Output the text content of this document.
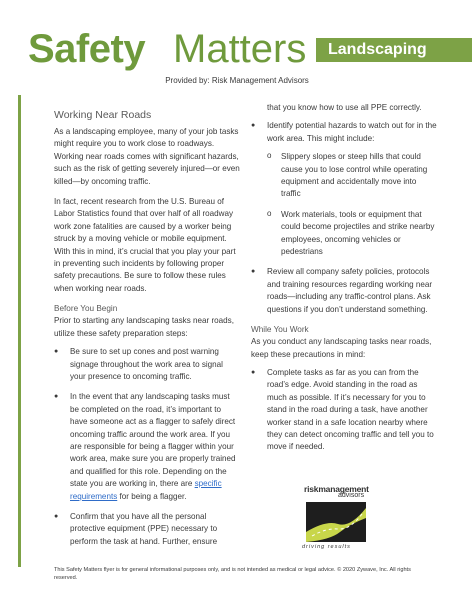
Safety Matters	Landscaping
Provided by: Risk Management Advisors
Working Near Roads

As a landscaping employee, many of your job tasks might require you to work close to roadways. Working near roads comes with significant hazards, such as the risk of getting severely injured—or even killed—by oncoming traffic.

In fact, recent research from the U.S. Bureau of Labor Statistics found that over half of all roadway work zone fatalities are caused by a worker being struck by a moving vehicle or mobile equipment. With this in mind, it’s crucial that you play your part in preventing such incidents by following proper safety precautions. Be sure to follow these rules when working near roads.

Before You Begin

Prior to starting any landscaping tasks near roads, utilize these safety preparation steps:

● Be sure to set up cones and post warning signage throughout the work area to signal your presence to oncoming traffic.
● In the event that any landscaping tasks must be completed on the road, it’s important to have someone act as a flagger to safely direct oncoming traffic around the work area. If you are responsible for being a flagger within your work area, make sure you are properly trained and qualified for this role. Depending on the state you are working in, there are specific requirements for being a flagger.
● Confirm that you have all the personal protective equipment (PPE) necessary to perform the task at hand. Further, ensure

that you know how to use all PPE correctly.

● Identify potential hazards to watch out for in the work area. This might include:
o Slippery slopes or steep hills that could cause you to lose control while operating equipment and accidentally move into traffic
o Work materials, tools or equipment that could become projectiles and strike nearby employees, oncoming vehicles or pedestrians
● Review all company safety policies, protocols and training resources regarding working near roads—including any traffic-control plans. Ask questions if you don’t understand something.
While You Work

As you conduct any landscaping tasks near roads, keep these precautions in mind:

● Complete tasks as far as you can from the road’s edge. Avoid standing in the road as much as possible. If it’s necessary for you to stand in the road during a task, have another worker stand in a safe location nearby where they can detect oncoming traffic and tell you to move if needed.
riskmanagement
advisors
driving results
This Safety Matters flyer is for general informational purposes only, and is not intended as medical or legal advice. © 2020 Zywave, Inc. All rights reserved.
